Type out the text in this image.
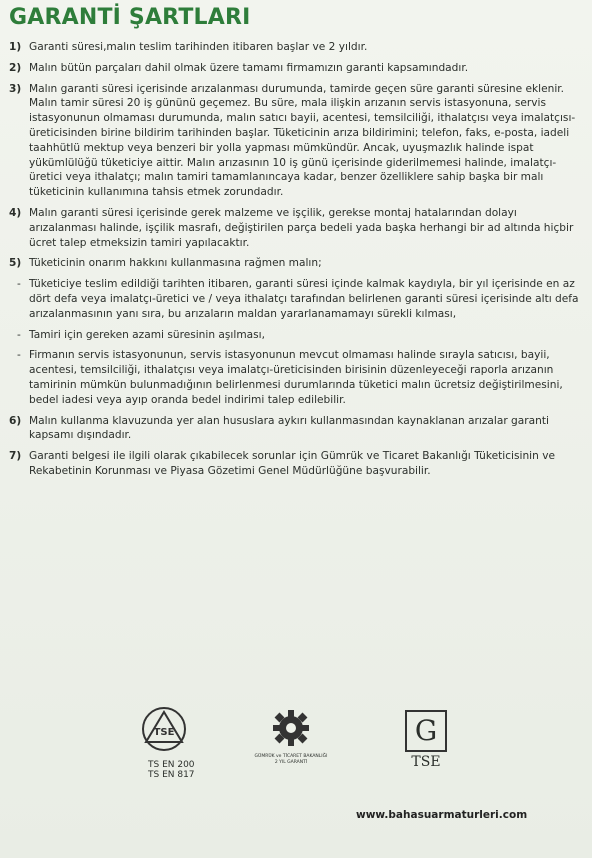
GARANTİ ŞARTLARI
1) Garanti süresi,malın teslim tarihinden itibaren başlar ve 2 yıldır.
2) Malın bütün parçaları dahil olmak üzere tamamı firmamızın garanti kapsamındadır.
3) Malın garanti süresi içerisinde arızalanması durumunda, tamirde geçen süre garanti süresine eklenir. Malın tamir süresi 20 iş gününü geçemez. Bu süre, mala ilişkin arızanın servis istasyonuna, servis istasyonunun olmaması durumunda, malın satıcı bayii, acentesi, temsilciliği, ithalatçısı veya imalatçısı-üreticisinden birine bildirim tarihinden başlar. Tüketicinin arıza bildirimini; telefon, faks, e-posta, iadeli taahhütlü mektup veya benzeri bir yolla yapması mümkündür. Ancak, uyuşmazlık halinde ispat yükümlülüğü tüketiciye aittir. Malın arızasının 10 iş günü içerisinde giderilmemesi halinde, imalatçı-üretici veya ithalatçı; malın tamiri tamamlanıncaya kadar, benzer özelliklere sahip başka bir malı tüketicinin kullanımına tahsis etmek zorundadır.
4) Malın garanti süresi içerisinde gerek malzeme ve işçilik, gerekse montaj hatalarından dolayı arızalanması halinde, işçilik masrafı, değiştirilen parça bedeli yada başka herhangi bir ad altında hiçbir ücret talep etmeksizin tamiri yapılacaktır.
5) Tüketicinin onarım hakkını kullanmasına rağmen malın;
- Tüketiciye teslim edildiği tarihten itibaren, garanti süresi içinde kalmak kaydıyla, bir yıl içerisinde en az dört defa veya imalatçı-üretici ve / veya ithalatçı tarafından belirlenen garanti süresi içerisinde altı defa arızalanmasının yanı sıra, bu arızaların maldan yararlanamamayı sürekli kılması,
- Tamiri için gereken azami süresinin aşılması,
- Firmanın servis istasyonunun, servis istasyonunun mevcut olmaması halinde sırayla satıcısı, bayii, acentesi, temsilciliği, ithalatçısı veya imalatçı-üreticisinden birisinin düzenleyeceği raporla arızanın tamirinin mümkün bulunmadığının belirlenmesi durumlarında tüketici malın ücretsiz değiştirilmesini, bedel iadesi veya ayıp oranda bedel indirimi talep edilebilir.
6) Malın kullanma klavuzunda yer alan hususlara aykırı kullanmasından kaynaklanan arızalar garanti kapsamı dışındadır.
7) Garanti belgesi ile ilgili olarak çıkabilecek sorunlar için Gümrük ve Ticaret Bakanlığı Tüketicisinin ve Rekabetinin Korunması ve Piyasa Gözetimi Genel Müdürlüğüne başvurabilir.
TSE
TS EN 200
TS EN 817
GÜMRÜK ve TİCARET BAKANLIĞI
2 YIL GARANTİ
G
TSE
www.bahasuarmaturleri.com
